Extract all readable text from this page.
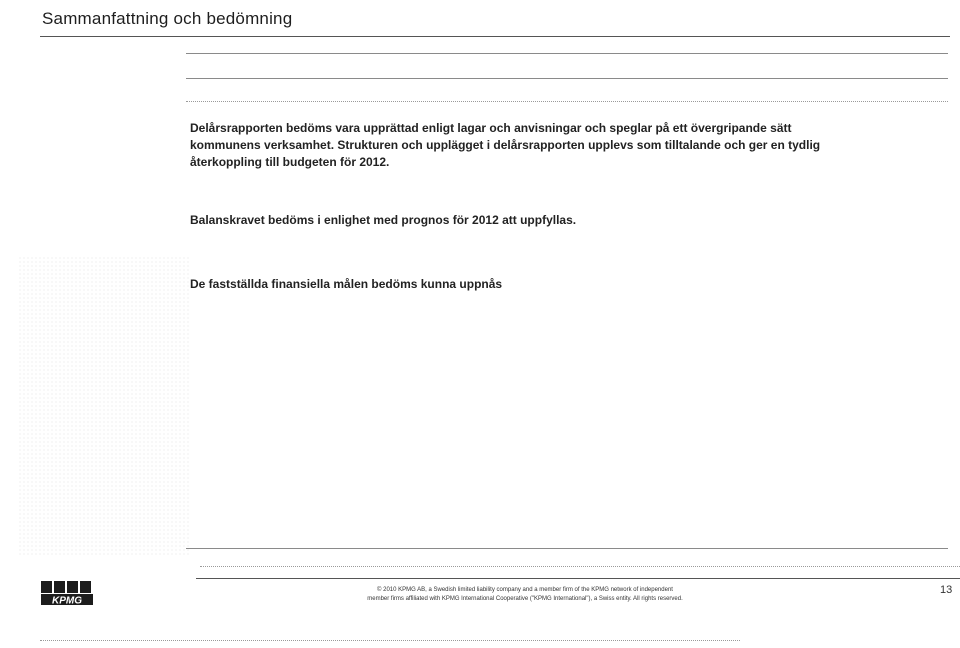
Sammanfattning och bedömning
Delårsrapporten bedöms vara upprättad enligt lagar och anvisningar och speglar på ett övergripande sätt kommunens verksamhet. Strukturen och upplägget i delårsrapporten upplevs som tilltalande och ger en tydlig återkoppling till budgeten för 2012.
Balanskravet bedöms i enlighet med prognos för 2012 att uppfyllas.
De fastställda finansiella målen bedöms kunna uppnås
KPMG
© 2010 KPMG AB, a Swedish limited liability company and a member firm of the KPMG network of independent
member firms affiliated with KPMG International Cooperative ("KPMG International"), a Swiss entity. All rights reserved.
13
